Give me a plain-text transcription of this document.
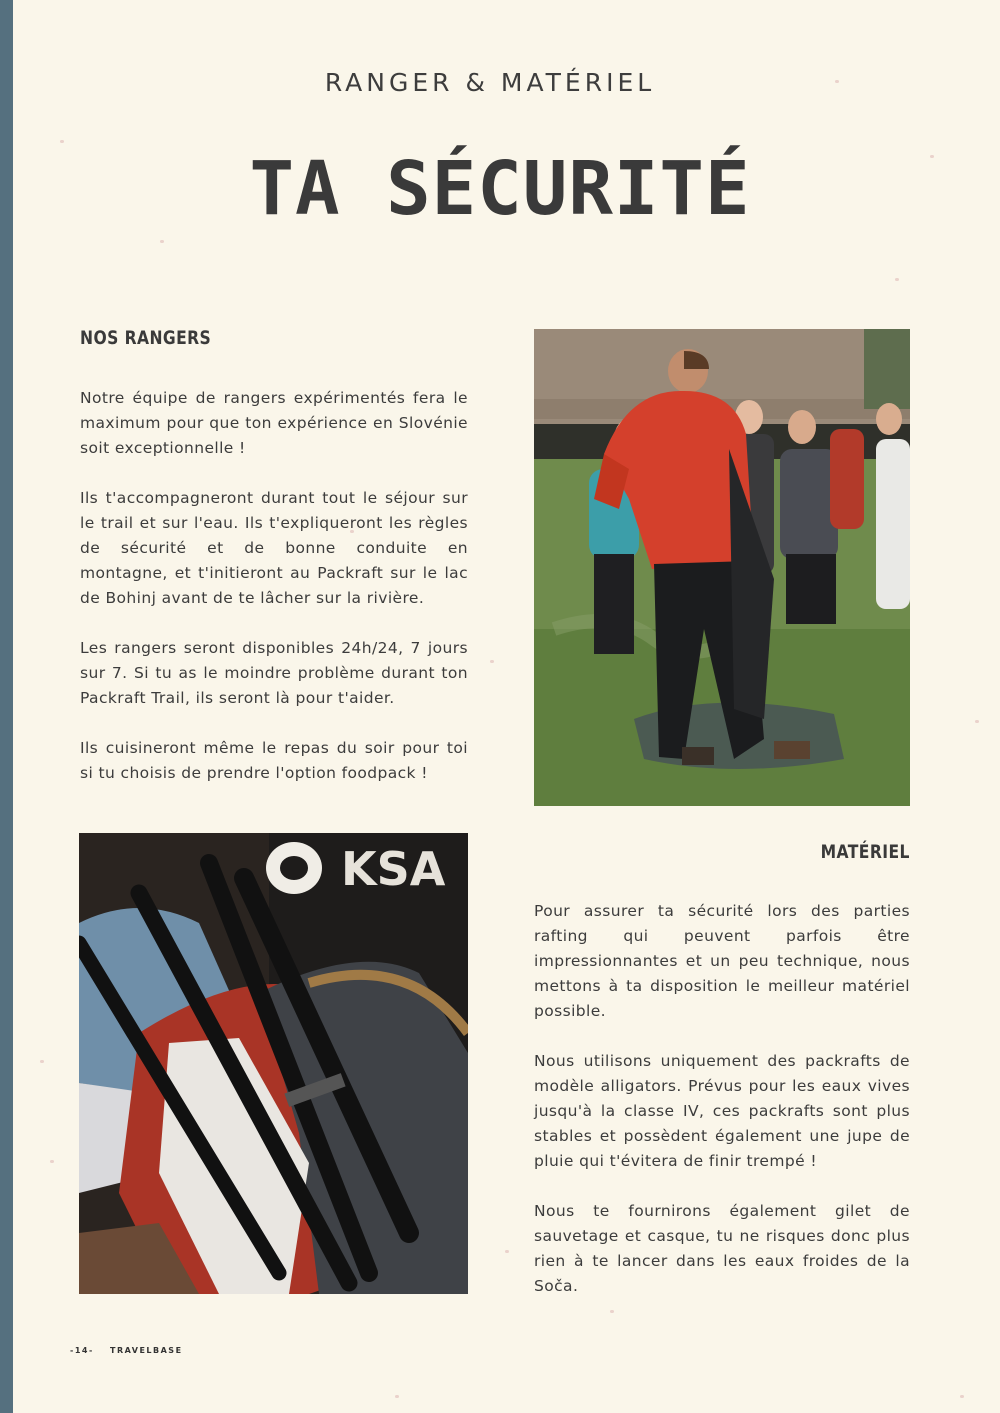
RANGER & MATÉRIEL
TA SÉCURITÉ
NOS RANGERS

Notre équipe de rangers expérimentés fera le maximum pour que ton expérience en Slovénie soit exceptionnelle !

Ils t'accompagneront durant tout le séjour sur le trail et sur l'eau. Ils t'expliqueront les règles de sécurité et de bonne conduite en montagne, et t'initieront au Packraft sur le lac de Bohinj avant de te lâcher sur la rivière.

Les rangers seront disponibles 24h/24, 7 jours sur 7. Si tu as le moindre problème durant ton Packraft Trail, ils seront là pour t'aider.

Ils cuisineront même le repas du soir pour toi si tu choisis de prendre l'option foodpack !

KSA	MATÉRIEL

Pour assurer ta sécurité lors des parties rafting qui peuvent parfois être impressionnantes et un peu technique, nous mettons à ta disposition le meilleur matériel possible.

Nous utilisons uniquement des packrafts de modèle alligators. Prévus pour les eaux vives jusqu'à la classe IV, ces packrafts sont plus stables et possèdent également une jupe de pluie qui t'évitera de finir trempé !

Nous te fournirons également gilet de sauvetage et casque, tu ne risques donc plus rien à te lancer dans les eaux froides de la Soča.

-14- TRAVELBASE
